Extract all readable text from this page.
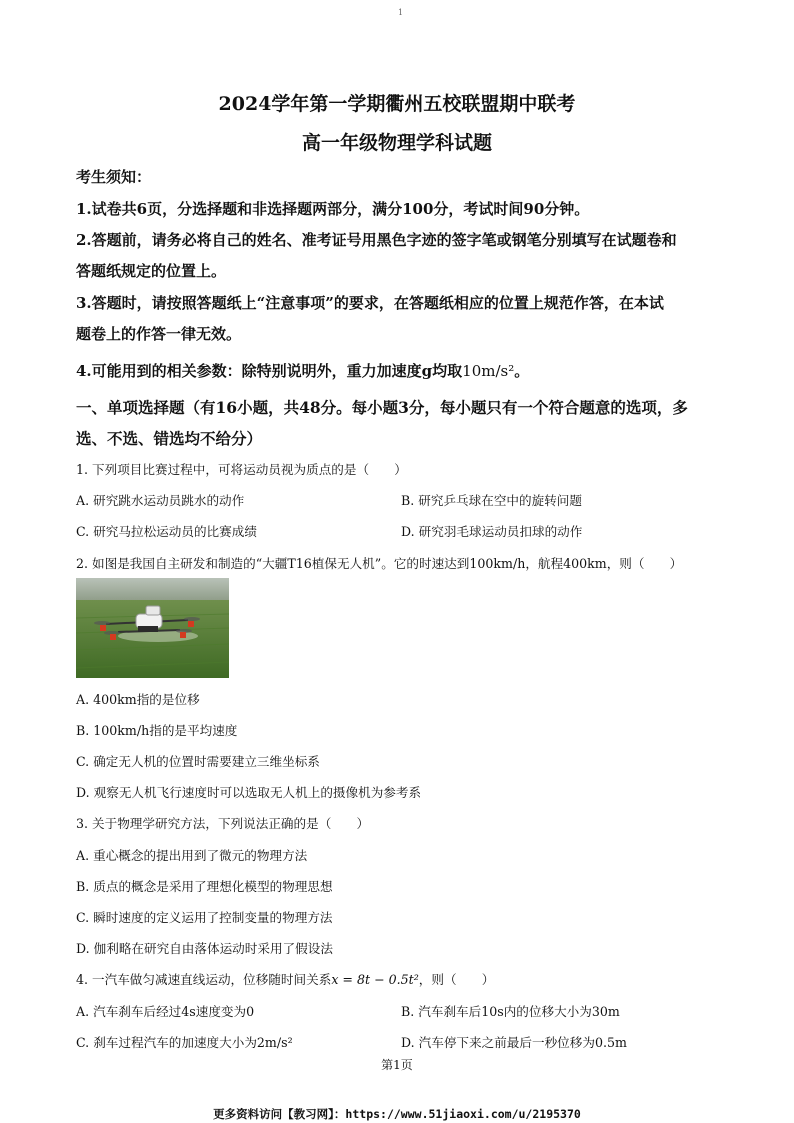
1
2024学年第一学期衢州五校联盟期中联考
高一年级物理学科试题
考生须知：
1.试卷共6页，分选择题和非选择题两部分，满分100分，考试时间90分钟。
2.答题前，请务必将自己的姓名、准考证号用黑色字迹的签字笔或钢笔分别填写在试题卷和
答题纸规定的位置上。
3.答题时，请按照答题纸上“注意事项”的要求，在答题纸相应的位置上规范作答，在本试
题卷上的作答一律无效。
4.可能用到的相关参数：除特别说明外，重力加速度g均取10m/s²。
一、单项选择题（有16小题，共48分。每小题3分，每小题只有一个符合题意的选项，多
选、不选、错选均不给分）
1. 下列项目比赛过程中，可将运动员视为质点的是（　　）
A. 研究跳水运动员跳水的动作	B. 研究乒乓球在空中的旋转问题
C. 研究马拉松运动员的比赛成绩	D. 研究羽毛球运动员扣球的动作
2. 如图是我国自主研发和制造的“大疆T16植保无人机”。它的时速达到100km/h，航程400km，则（　　）
A. 400km指的是位移
B. 100km/h指的是平均速度
C. 确定无人机的位置时需要建立三维坐标系
D. 观察无人机飞行速度时可以选取无人机上的摄像机为参考系
3. 关于物理学研究方法，下列说法正确的是（　　）
A. 重心概念的提出用到了微元的物理方法
B. 质点的概念是采用了理想化模型的物理思想
C. 瞬时速度的定义运用了控制变量的物理方法
D. 伽利略在研究自由落体运动时采用了假设法
4. 一汽车做匀减速直线运动，位移随时间关系x = 8t − 0.5t²，则（　　）
A. 汽车刹车后经过4s速度变为0	B. 汽车刹车后10s内的位移大小为30m
C. 刹车过程汽车的加速度大小为2m/s²	D. 汽车停下来之前最后一秒位移为0.5m
第1页
更多资料访问【教习网】：https://www.51jiaoxi.com/u/2195370
